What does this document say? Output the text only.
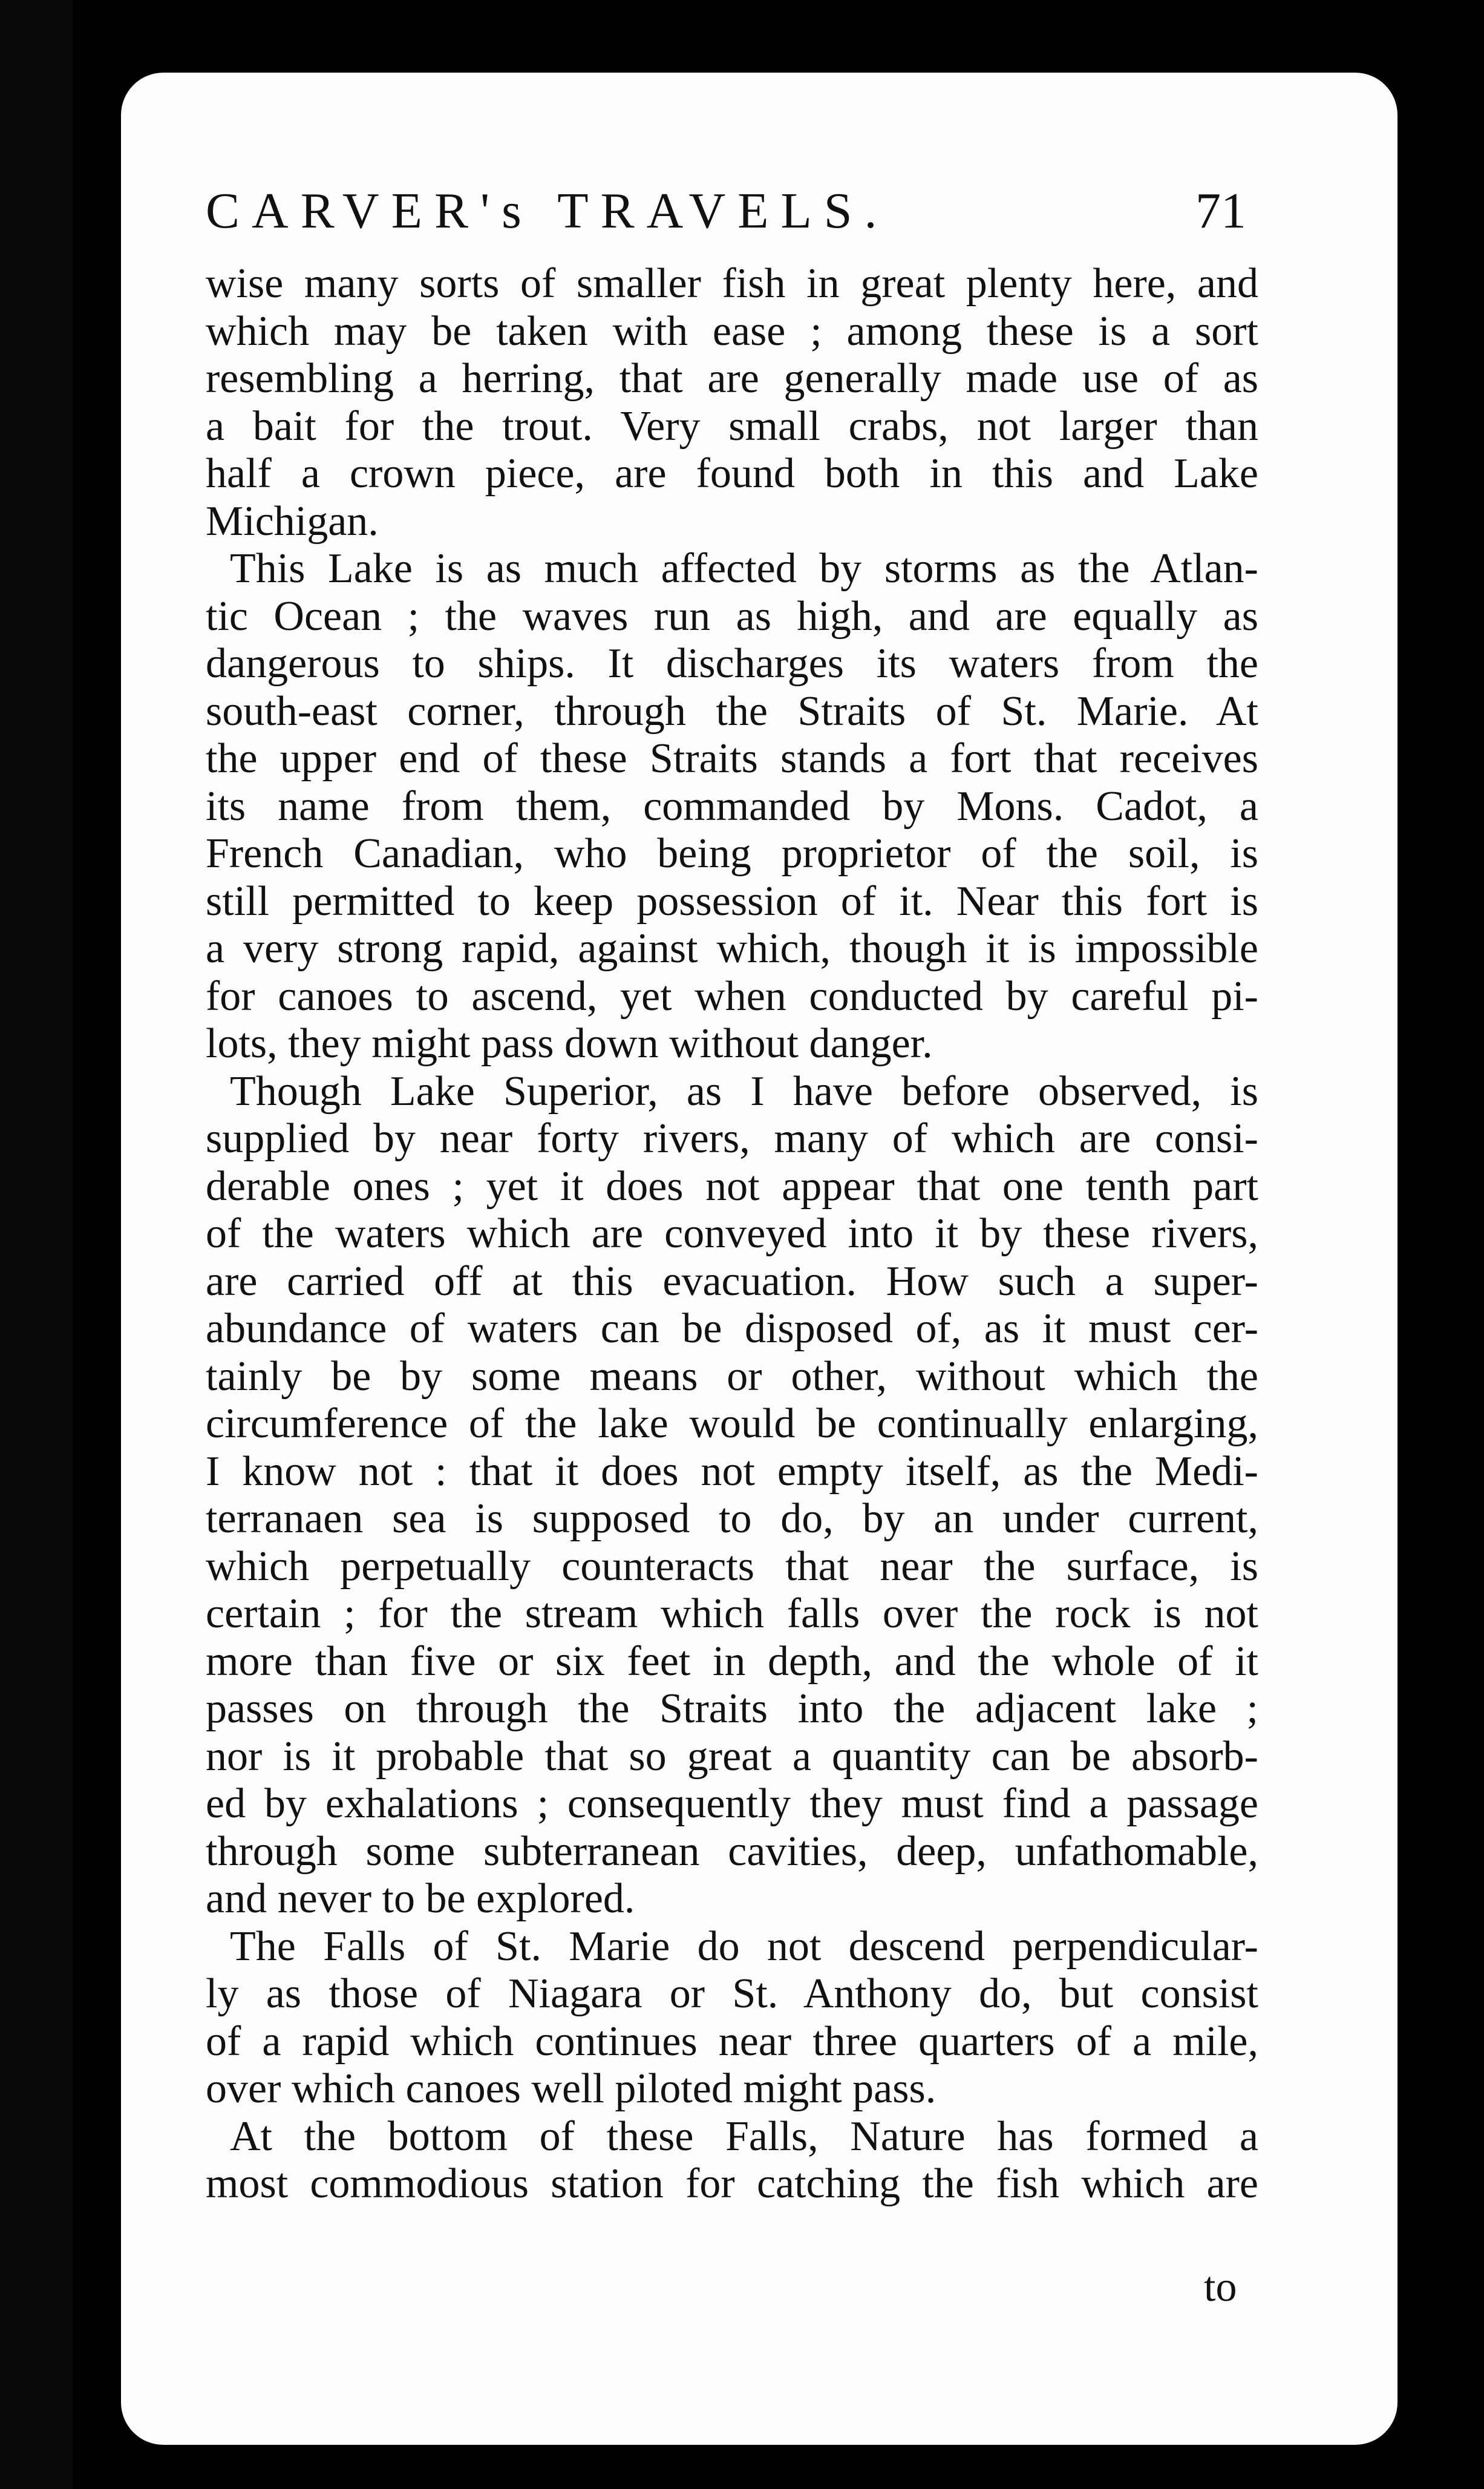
CARVER's TRAVELS.	71
wise many sorts of smaller fish in great plenty here, and
which may be taken with ease ; among these is a sort
resembling a herring, that are generally made use of as
a bait for the trout. Very small crabs, not larger than
half a crown piece, are found both in this and Lake
Michigan.
This Lake is as much affected by storms as the Atlan-
tic Ocean ; the waves run as high, and are equally as
dangerous to ships. It discharges its waters from the
south-east corner, through the Straits of St. Marie. At
the upper end of these Straits stands a fort that receives
its name from them, commanded by Mons. Cadot, a
French Canadian, who being proprietor of the soil, is
still permitted to keep possession of it. Near this fort is
a very strong rapid, against which, though it is impossible
for canoes to ascend, yet when conducted by careful pi-
lots, they might pass down without danger.
Though Lake Superior, as I have before observed, is
supplied by near forty rivers, many of which are consi-
derable ones ; yet it does not appear that one tenth part
of the waters which are conveyed into it by these rivers,
are carried off at this evacuation. How such a super-
abundance of waters can be disposed of, as it must cer-
tainly be by some means or other, without which the
circumference of the lake would be continually enlarging,
I know not : that it does not empty itself, as the Medi-
terranaen sea is supposed to do, by an under current,
which perpetually counteracts that near the surface, is
certain ; for the stream which falls over the rock is not
more than five or six feet in depth, and the whole of it
passes on through the Straits into the adjacent lake ;
nor is it probable that so great a quantity can be absorb-
ed by exhalations ; consequently they must find a passage
through some subterranean cavities, deep, unfathomable,
and never to be explored.
The Falls of St. Marie do not descend perpendicular-
ly as those of Niagara or St. Anthony do, but consist
of a rapid which continues near three quarters of a mile,
over which canoes well piloted might pass.
At the bottom of these Falls, Nature has formed a
most commodious station for catching the fish which are
to
